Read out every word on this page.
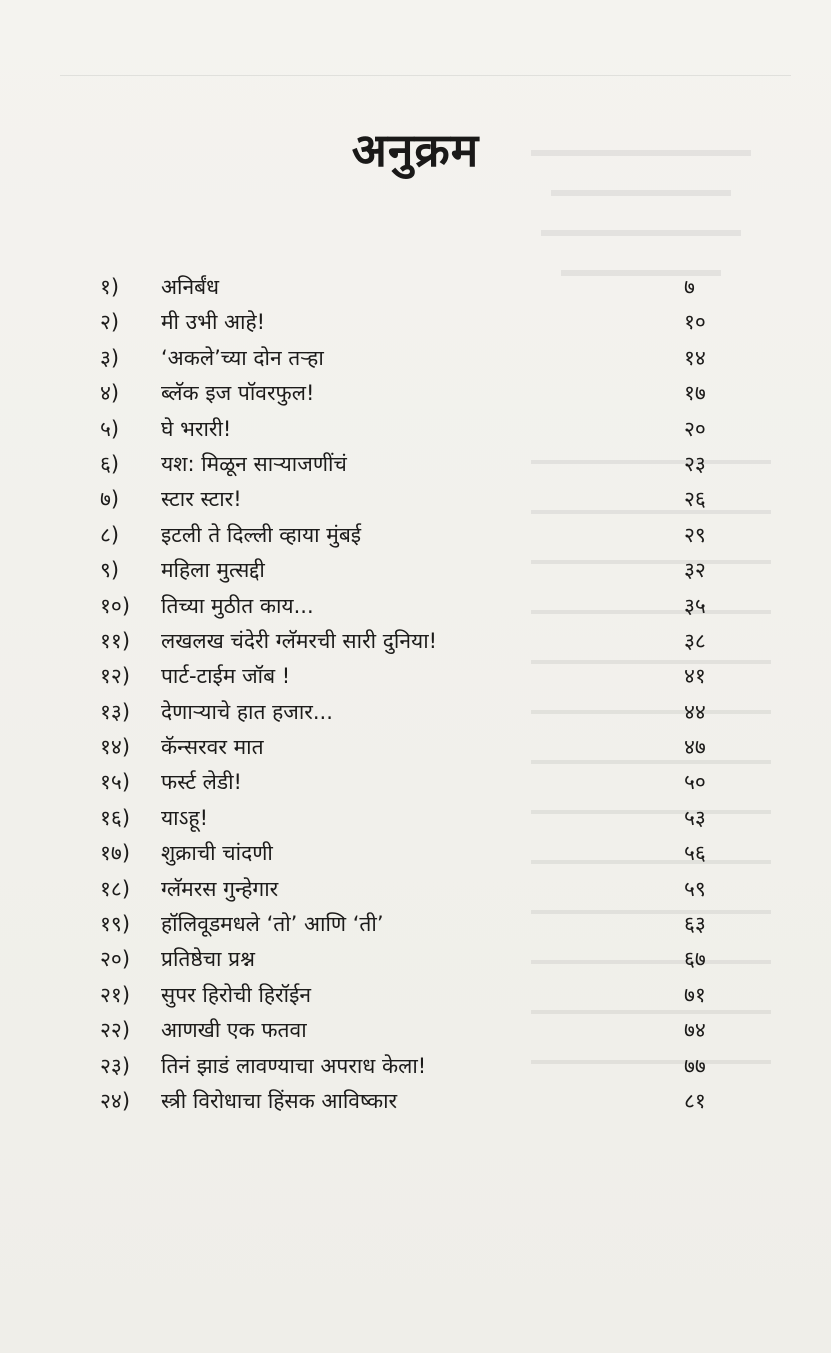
अनुक्रम
१)	अनिर्बंध	७
२)	मी उभी आहे!	१०
३)	‘अकले’च्या दोन तऱ्हा	१४
४)	ब्लॅक इज पॉवरफुल!	१७
५)	घे भरारी!	२०
६)	यश: मिळून साऱ्याजणींचं	२३
७)	स्टार स्टार!	२६
८)	इटली ते दिल्ली व्हाया मुंबई	२९
९)	महिला मुत्सद्दी	३२
१०)	तिच्या मुठीत काय...	३५
११)	लखलख चंदेरी ग्लॅमरची सारी दुनिया!	३८
१२)	पार्ट-टाईम जॉब !	४१
१३)	देणाऱ्याचे हात हजार...	४४
१४)	कॅन्सरवर मात	४७
१५)	फर्स्ट लेडी!	५०
१६)	याऽहू!	५३
१७)	शुक्राची चांदणी	५६
१८)	ग्लॅमरस गुन्हेगार	५९
१९)	हॉलिवूडमधले ‘तो’ आणि ‘ती’	६३
२०)	प्रतिष्ठेचा प्रश्न	६७
२१)	सुपर हिरोची हिरॉईन	७१
२२)	आणखी एक फतवा	७४
२३)	तिनं झाडं लावण्याचा अपराध केला!	७७
२४)	स्त्री विरोधाचा हिंसक आविष्कार	८१
